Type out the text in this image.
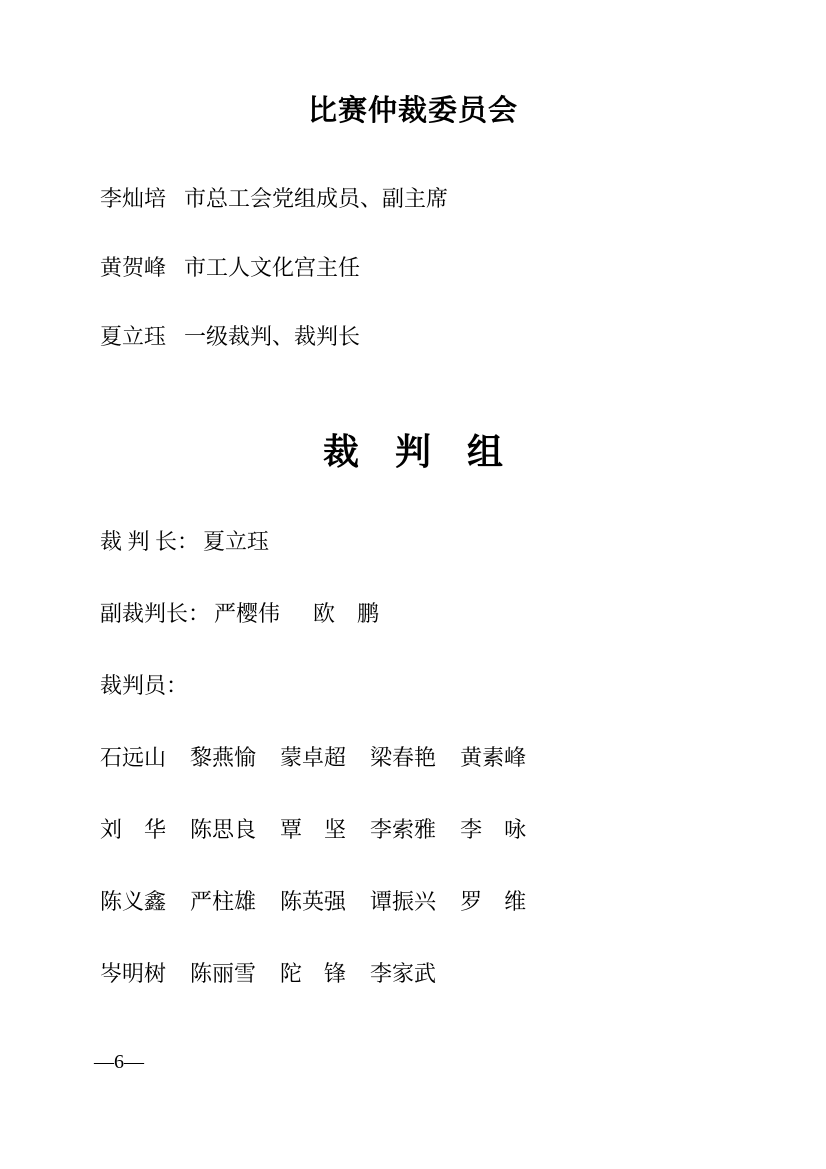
比赛仲裁委员会

李灿培 市总工会党组成员、副主席

黄贺峰 市工人文化宫主任

夏立珏 一级裁判、裁判长

裁　判　组

裁 判 长： 夏立珏

副裁判长： 严樱伟 欧　鹏

裁判员：

石远山 黎燕愉 蒙卓超 梁春艳 黄素峰

刘　华 陈思良 覃　坚 李索雅 李　咏

陈义鑫 严柱雄 陈英强 谭振兴 罗　维

岑明树 陈丽雪 陀　锋 李家武

—6—
